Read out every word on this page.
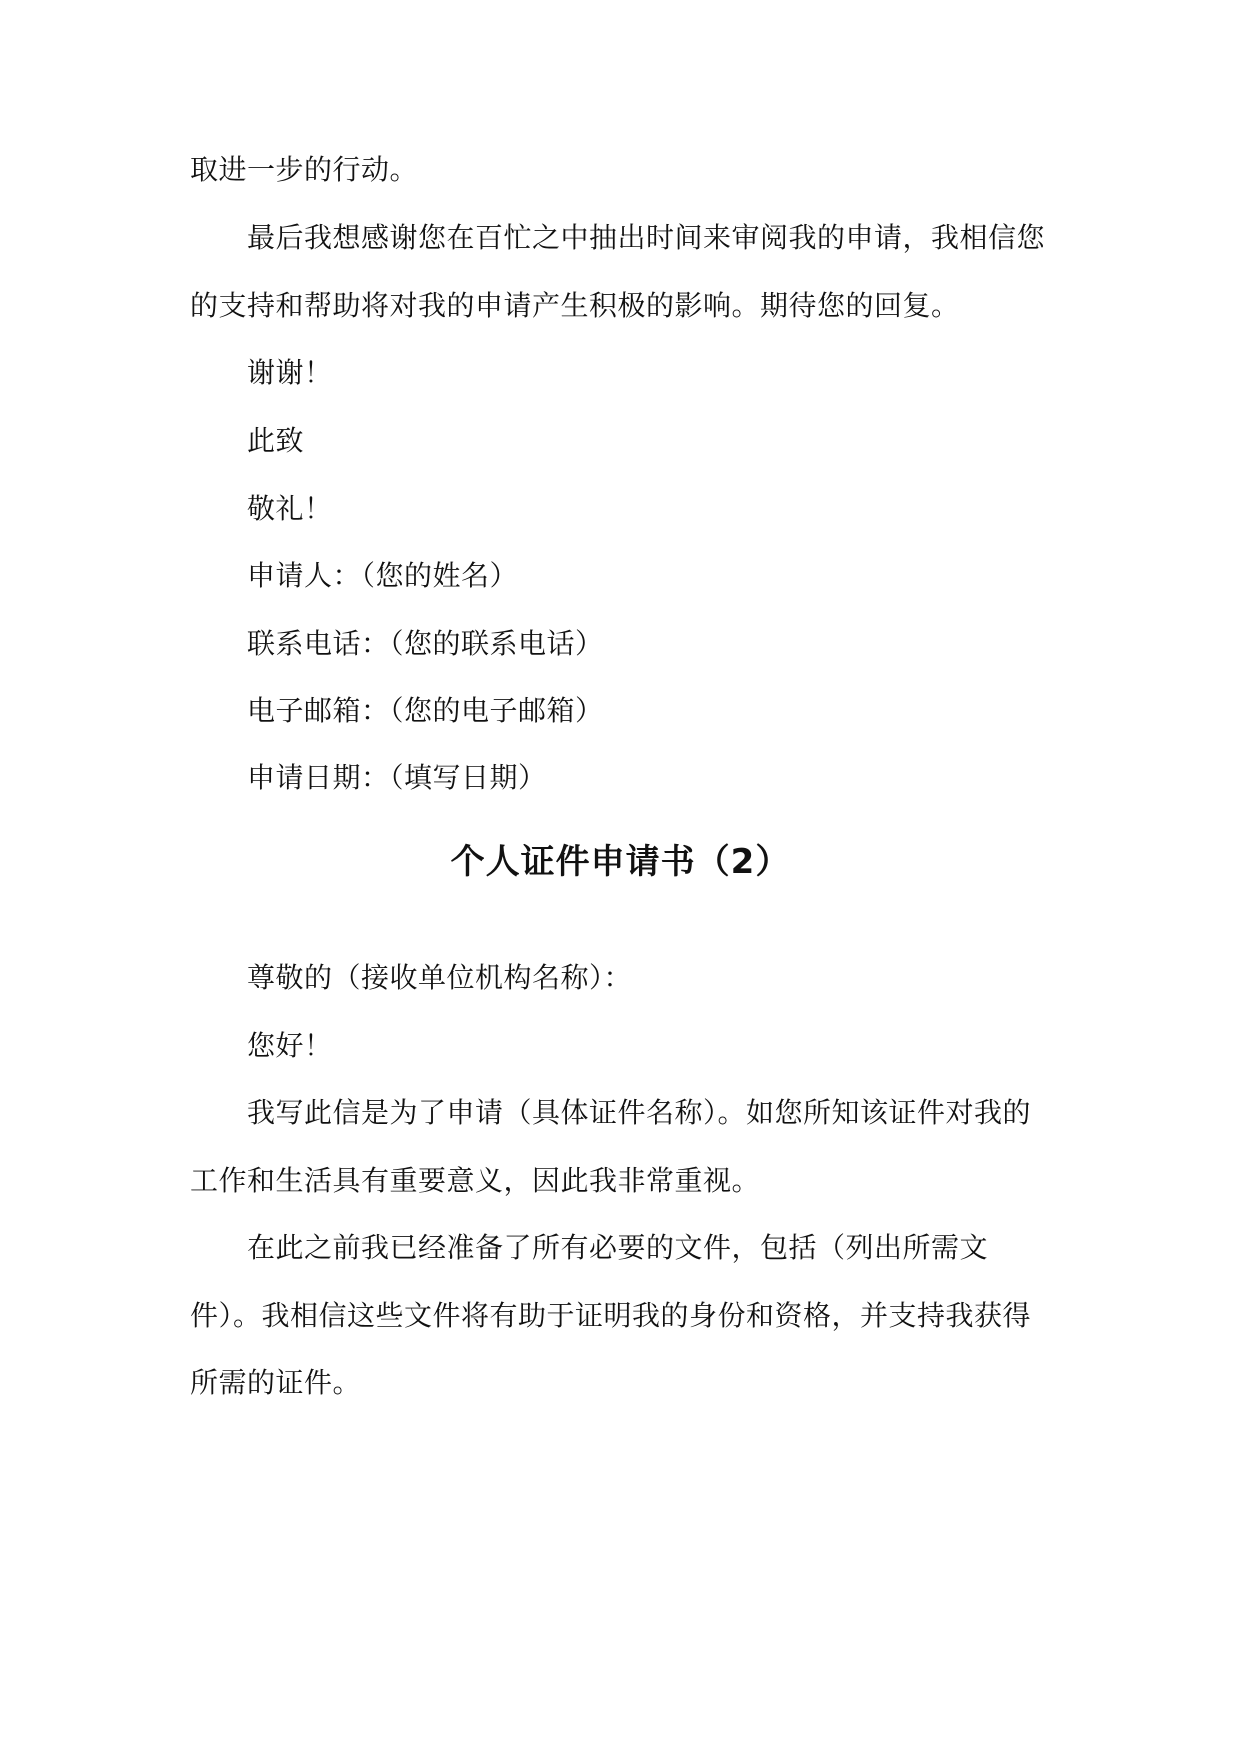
取进一步的行动。
最后我想感谢您在百忙之中抽出时间来审阅我的申请，我相信您
的支持和帮助将对我的申请产生积极的影响。期待您的回复。
谢谢！
此致
敬礼！
申请人：（您的姓名）
联系电话：（您的联系电话）
电子邮箱：（您的电子邮箱）
申请日期：（填写日期）
个人证件申请书（2）
尊敬的（接收单位机构名称）：
您好！
我写此信是为了申请（具体证件名称）。如您所知该证件对我的
工作和生活具有重要意义，因此我非常重视。
在此之前我已经准备了所有必要的文件，包括（列出所需文
件）。我相信这些文件将有助于证明我的身份和资格，并支持我获得
所需的证件。
